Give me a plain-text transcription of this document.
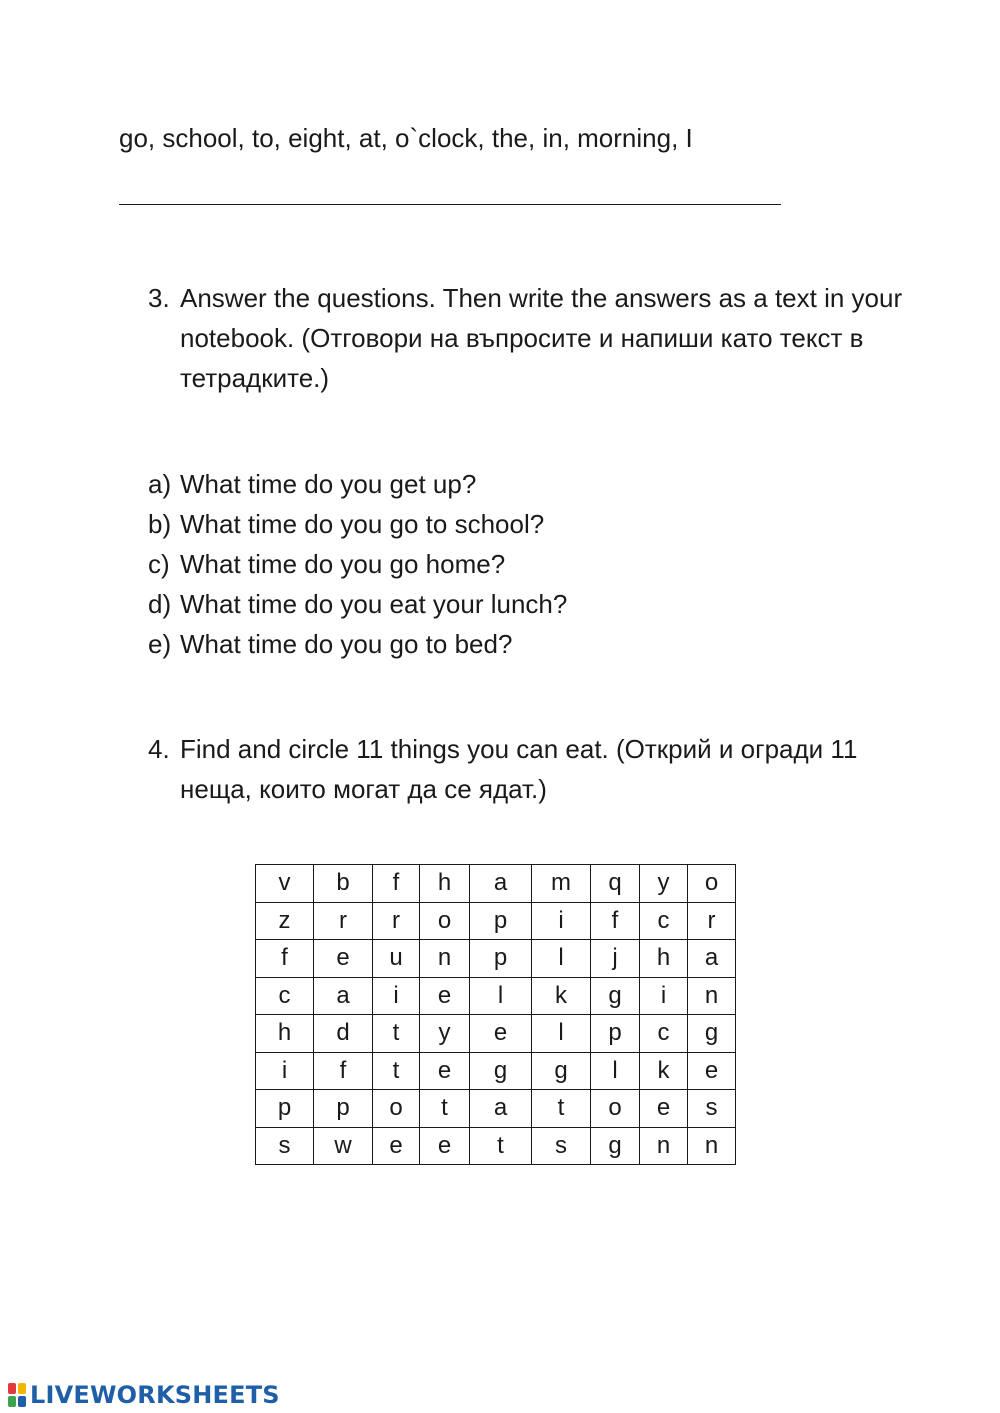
go, school, to, eight, at, o`clock, the, in, morning, I
3. Answer the questions. Then write the answers as a text in your notebook. (Отговори на въпросите и напиши като текст в тетрадките.)
a) What time do you get up?
b) What time do you go to school?
c) What time do you go home?
d) What time do you eat your lunch?
e) What time do you go to bed?
4. Find and circle 11 things you can eat. (Открий и огради 11 неща, които могат да се ядат.)
v	b	f	h	a	m	q	y	o
z	r	r	o	p	i	f	c	r
f	e	u	n	p	l	j	h	a
c	a	i	e	l	k	g	i	n
h	d	t	y	e	l	p	c	g
i	f	t	e	g	g	l	k	e
p	p	o	t	a	t	o	e	s
s	w	e	e	t	s	g	n	n
LIVEWORKSHEETS
